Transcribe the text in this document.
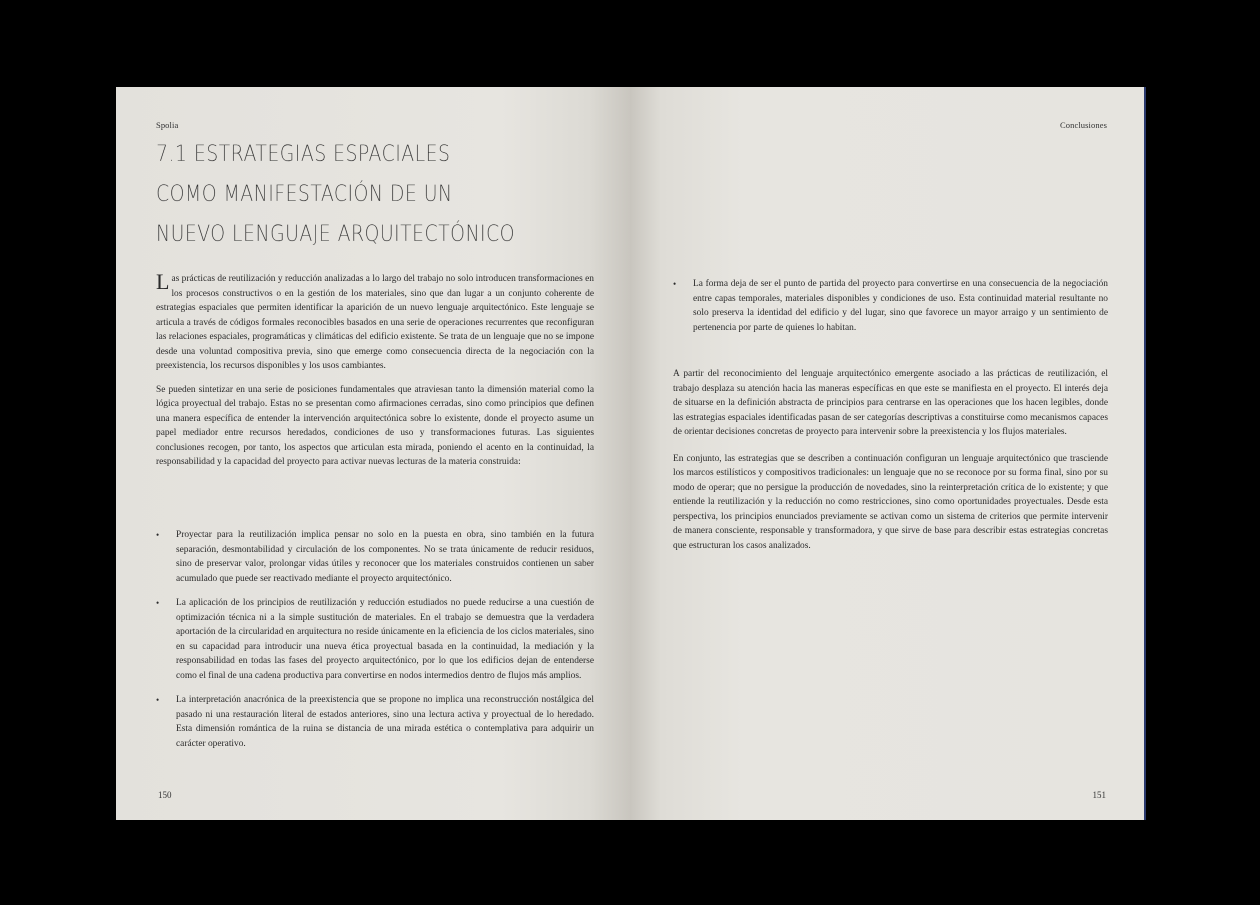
Spolia
7.1 ESTRATEGIAS ESPACIALES COMO MANIFESTACIÓN DE UN NUEVO LENGUAJE ARQUITECTÓNICO

Las prácticas de reutilización y reducción analizadas a lo largo del trabajo no solo introducen transformaciones en los procesos constructivos o en la gestión de los materiales, sino que dan lugar a un conjunto coherente de estrategias espaciales que permiten identificar la aparición de un nuevo lenguaje arquitectónico. Este lenguaje se articula a través de códigos formales reconocibles basados en una serie de operaciones recurrentes que reconfiguran las relaciones espaciales, programáticas y climáticas del edificio existente. Se trata de un lenguaje que no se impone desde una voluntad compositiva previa, sino que emerge como consecuencia directa de la negociación con la preexistencia, los recursos disponibles y los usos cambiantes.

Se pueden sintetizar en una serie de posiciones fundamentales que atraviesan tanto la dimensión material como la lógica proyectual del trabajo. Estas no se presentan como afirmaciones cerradas, sino como principios que definen una manera específica de entender la intervención arquitectónica sobre lo existente, donde el proyecto asume un papel mediador entre recursos heredados, condiciones de uso y transformaciones futuras. Las siguientes conclusiones recogen, por tanto, los aspectos que articulan esta mirada, poniendo el acento en la continuidad, la responsabilidad y la capacidad del proyecto para activar nuevas lecturas de la materia construida:

• Proyectar para la reutilización implica pensar no solo en la puesta en obra, sino también en la futura separación, desmontabilidad y circulación de los componentes. No se trata únicamente de reducir residuos, sino de preservar valor, prolongar vidas útiles y reconocer que los materiales construidos contienen un saber acumulado que puede ser reactivado mediante el proyecto arquitectónico.
• La aplicación de los principios de reutilización y reducción estudiados no puede reducirse a una cuestión de optimización técnica ni a la simple sustitución de materiales. En el trabajo se demuestra que la verdadera aportación de la circularidad en arquitectura no reside únicamente en la eficiencia de los ciclos materiales, sino en su capacidad para introducir una nueva ética proyectual basada en la continuidad, la mediación y la responsabilidad en todas las fases del proyecto arquitectónico, por lo que los edificios dejan de entenderse como el final de una cadena productiva para convertirse en nodos intermedios dentro de flujos más amplios.
• La interpretación anacrónica de la preexistencia que se propone no implica una reconstrucción nostálgica del pasado ni una restauración literal de estados anteriores, sino una lectura activa y proyectual de lo heredado. Esta dimensión romántica de la ruina se distancia de una mirada estética o contemplativa para adquirir un carácter operativo.
150
Conclusiones
• La forma deja de ser el punto de partida del proyecto para convertirse en una consecuencia de la negociación entre capas temporales, materiales disponibles y condiciones de uso. Esta continuidad material resultante no solo preserva la identidad del edificio y del lugar, sino que favorece un mayor arraigo y un sentimiento de pertenencia por parte de quienes lo habitan.

A partir del reconocimiento del lenguaje arquitectónico emergente asociado a las prácticas de reutilización, el trabajo desplaza su atención hacia las maneras específicas en que este se manifiesta en el proyecto. El interés deja de situarse en la definición abstracta de principios para centrarse en las operaciones que los hacen legibles, donde las estrategias espaciales identificadas pasan de ser categorías descriptivas a constituirse como mecanismos capaces de orientar decisiones concretas de proyecto para intervenir sobre la preexistencia y los flujos materiales.

En conjunto, las estrategias que se describen a continuación configuran un lenguaje arquitectónico que trasciende los marcos estilísticos y compositivos tradicionales: un lenguaje que no se reconoce por su forma final, sino por su modo de operar; que no persigue la producción de novedades, sino la reinterpretación crítica de lo existente; y que entiende la reutilización y la reducción no como restricciones, sino como oportunidades proyectuales. Desde esta perspectiva, los principios enunciados previamente se activan como un sistema de criterios que permite intervenir de manera consciente, responsable y transformadora, y que sirve de base para describir estas estrategias concretas que estructuran los casos analizados.

151
